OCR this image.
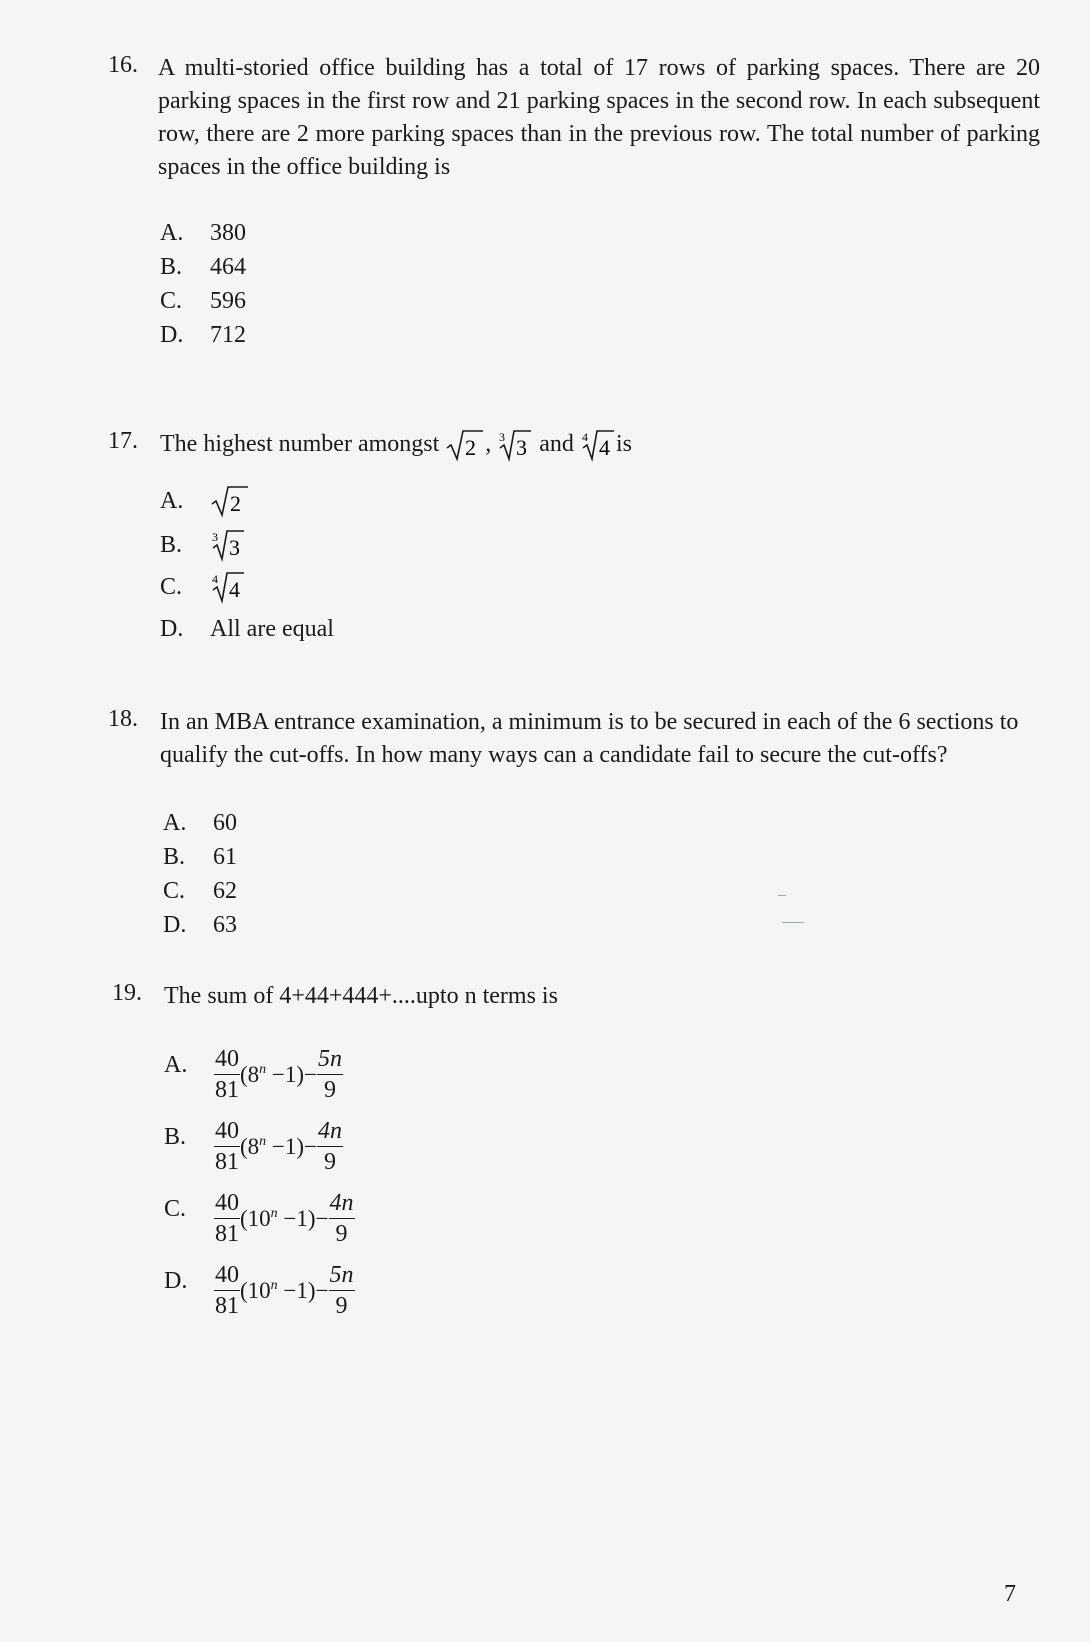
16. A multi-storied office building has a total of 17 rows of parking spaces. There are 20 parking spaces in the first row and 21 parking spaces in the second row. In each subsequent row, there are 2 more parking spaces than in the previous row. The total number of parking spaces in the office building is
A. 380
B. 464
C. 596
D. 712
17. The highest number amongst 2 , 3 3 and 4 4 is
A. 2
B. 3 3
C. 4 4
D. All are equal
18. In an MBA entrance examination, a minimum is to be secured in each of the 6 sections to qualify the cut-offs. In how many ways can a candidate fail to secure the cut-offs?
A. 60
B. 61
C. 62
D. 63
19. The sum of 4+44+444+....upto n terms is
A. $\frac{40}{81} (8^n -1)- \frac{5n}{9}$
B. $\frac{40}{81} (8^n -1)- \frac{4n}{9}$
C. $\frac{40}{81} (10^n -1)- \frac{4n}{9}$
D. $\frac{40}{81} (10^n -1)- \frac{5n}{9}$
7
